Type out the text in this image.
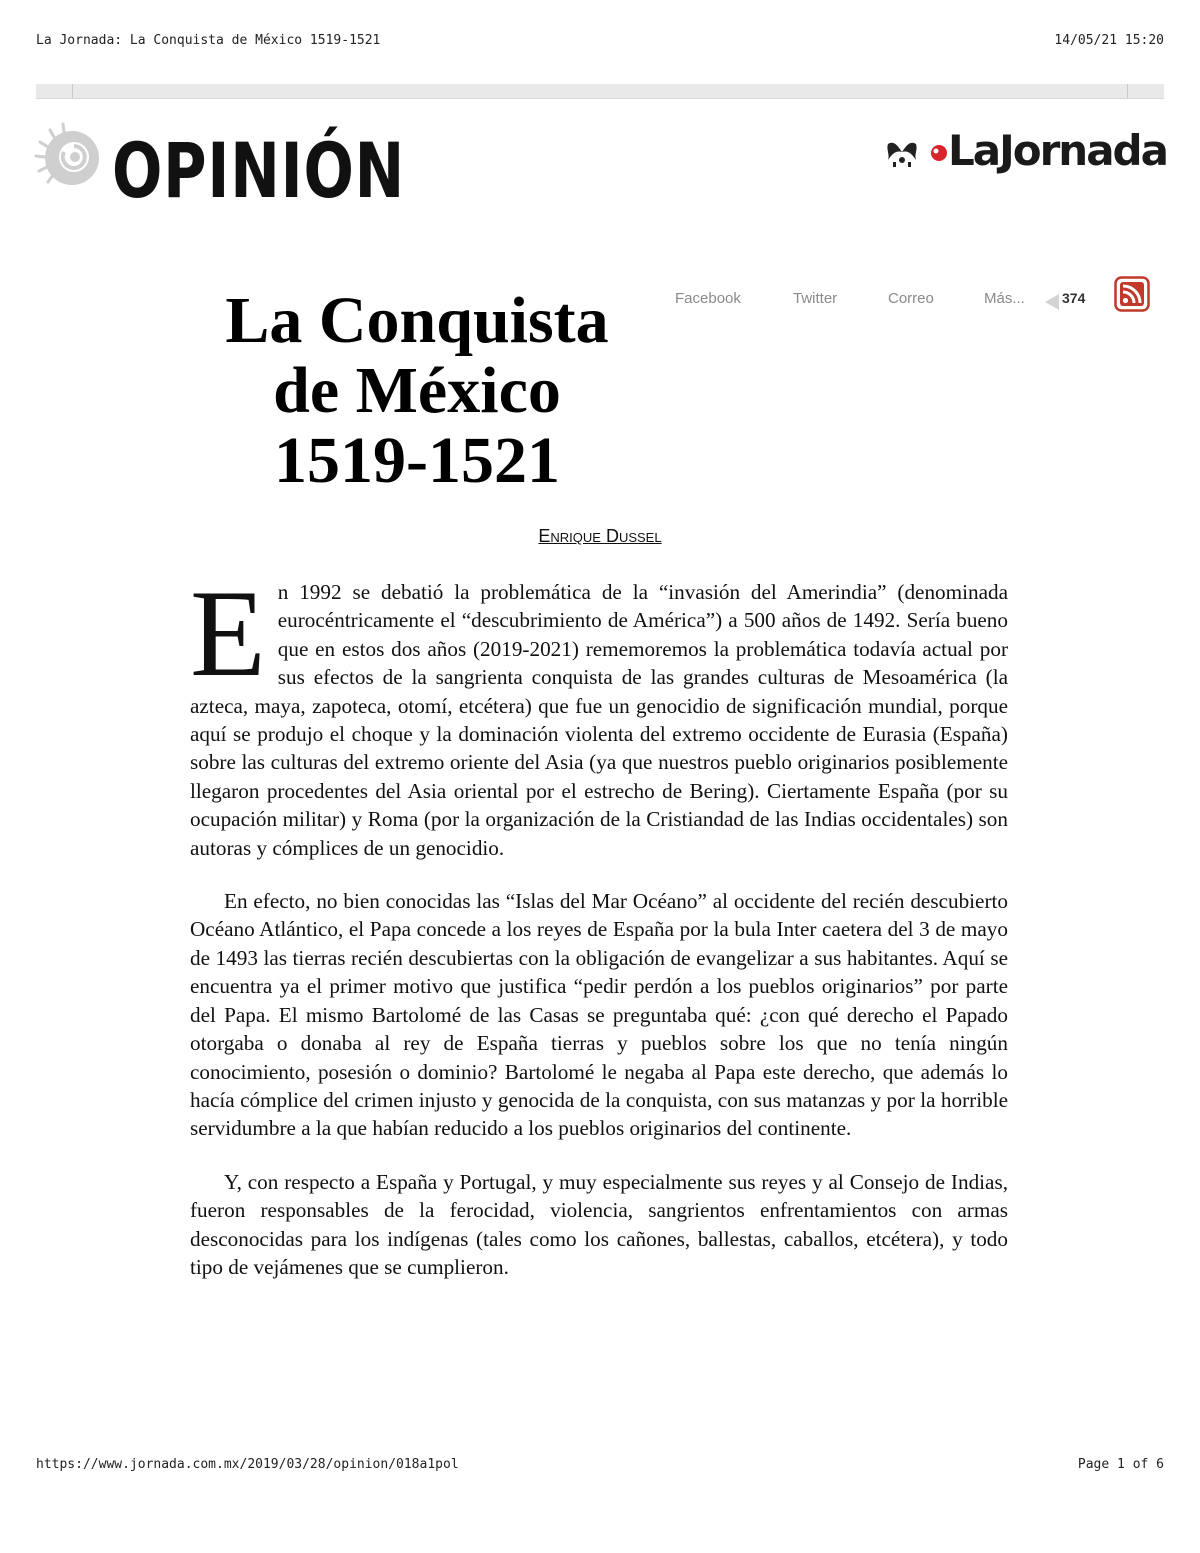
La Jornada: La Conquista de México 1519-1521	14/05/21 15:20
OPINIÓN	LaJornada
La Conquista
de México
1519-1521
Facebook	Twitter	Correo	Más...	374
Enrique Dussel

En 1992 se debatió la problemática de la “invasión del Amerindia” (denominada eurocéntricamente el “descubrimiento de América”) a 500 años de 1492. Sería bueno que en estos dos años (2019-2021) rememoremos la problemática todavía actual por sus efectos de la sangrienta conquista de las grandes culturas de Mesoamérica (la azteca, maya, zapoteca, otomí, etcétera) que fue un genocidio de significación mundial, porque aquí se produjo el choque y la dominación violenta del extremo occidente de Eurasia (España) sobre las culturas del extremo oriente del Asia (ya que nuestros pueblo originarios posiblemente llegaron procedentes del Asia oriental por el estrecho de Bering). Ciertamente España (por su ocupación militar) y Roma (por la organización de la Cristiandad de las Indias occidentales) son autoras y cómplices de un genocidio.

En efecto, no bien conocidas las “Islas del Mar Océano” al occidente del recién descubierto Océano Atlántico, el Papa concede a los reyes de España por la bula Inter caetera del 3 de mayo de 1493 las tierras recién descubiertas con la obligación de evangelizar a sus habitantes. Aquí se encuentra ya el primer motivo que justifica “pedir perdón a los pueblos originarios” por parte del Papa. El mismo Bartolomé de las Casas se preguntaba qué: ¿con qué derecho el Papado otorgaba o donaba al rey de España tierras y pueblos sobre los que no tenía ningún conocimiento, posesión o dominio? Bartolomé le negaba al Papa este derecho, que además lo hacía cómplice del crimen injusto y genocida de la conquista, con sus matanzas y por la horrible servidumbre a la que habían reducido a los pueblos originarios del continente.

Y, con respecto a España y Portugal, y muy especialmente sus reyes y al Consejo de Indias, fueron responsables de la ferocidad, violencia, sangrientos enfrentamientos con armas desconocidas para los indígenas (tales como los cañones, ballestas, caballos, etcétera), y todo tipo de vejámenes que se cumplieron.

https://www.jornada.com.mx/2019/03/28/opinion/018a1pol	Page 1 of 6
